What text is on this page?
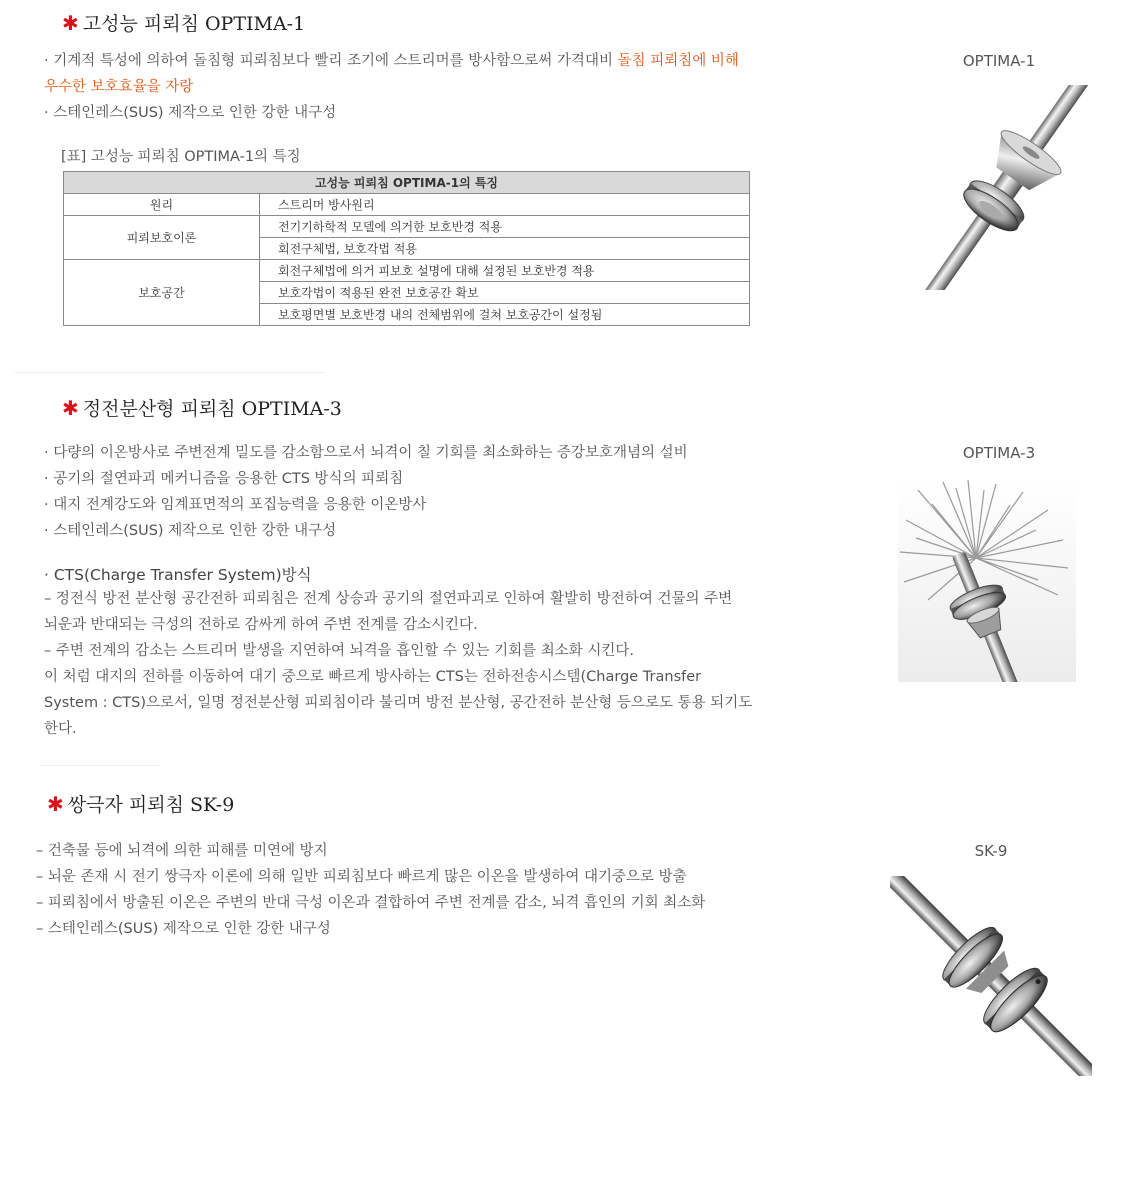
✱ 고성능 피뢰침 OPTIMA-1
· 기계적 특성에 의하여 돌침형 피뢰침보다 빨리 조기에 스트리머를 방사함으로써 가격대비 돌침 피뢰침에 비해
우수한 보호효율을 자랑
· 스테인레스(SUS) 제작으로 인한 강한 내구성
[표] 고성능 피뢰침 OPTIMA-1의 특징
고성능 피뢰침 OPTIMA-1의 특징	
원리	스트리머 방사원리
피뢰보호이론	전기기하학적 모델에 의거한 보호반경 적용
	회전구체법, 보호각법 적용
보호공간	회전구체법에 의거 피보호 설명에 대해 설정된 보호반경 적용
	보호각법이 적용된 완전 보호공간 확보
	보호평면별 보호반경 내의 전체범위에 걸쳐 보호공간이 설정됨
OPTIMA-1
✱ 정전분산형 피뢰침 OPTIMA-3
· 다량의 이온방사로 주변전계 밀도를 감소함으로서 뇌격이 칠 기회를 최소화하는 증강보호개념의 설비
· 공기의 절연파괴 메커니즘을 응용한 CTS 방식의 피뢰침
· 대지 전계강도와 임계표면적의 포집능력을 응용한 이온방사
· 스테인레스(SUS) 제작으로 인한 강한 내구성
· CTS(Charge Transfer System)방식
– 정전식 방전 분산형 공간전하 피뢰침은 전계 상승과 공기의 절연파괴로 인하여 활발히 방전하여 건물의 주변
뇌운과 반대되는 극성의 전하로 감싸게 하여 주변 전계를 감소시킨다.
– 주변 전계의 감소는 스트리머 발생을 지연하여 뇌격을 흡인할 수 있는 기회를 최소화 시킨다.
이 처럼 대지의 전하를 이동하여 대기 중으로 빠르게 방사하는 CTS는 전하전송시스템(Charge Transfer
System : CTS)으로서, 일명 정전분산형 피뢰침이라 불리며 방전 분산형, 공간전하 분산형 등으로도 통용 되기도
한다.
OPTIMA-3
✱ 쌍극자 피뢰침 SK-9
– 건축물 등에 뇌격에 의한 피해를 미연에 방지
– 뇌운 존재 시 전기 쌍극자 이론에 의해 일반 피뢰침보다 빠르게 많은 이온을 발생하여 대기중으로 방출
– 피뢰침에서 방출된 이온은 주변의 반대 극성 이온과 결합하여 주변 전계를 감소, 뇌격 흡인의 기회 최소화
– 스테인레스(SUS) 제작으로 인한 강한 내구성
SK-9
